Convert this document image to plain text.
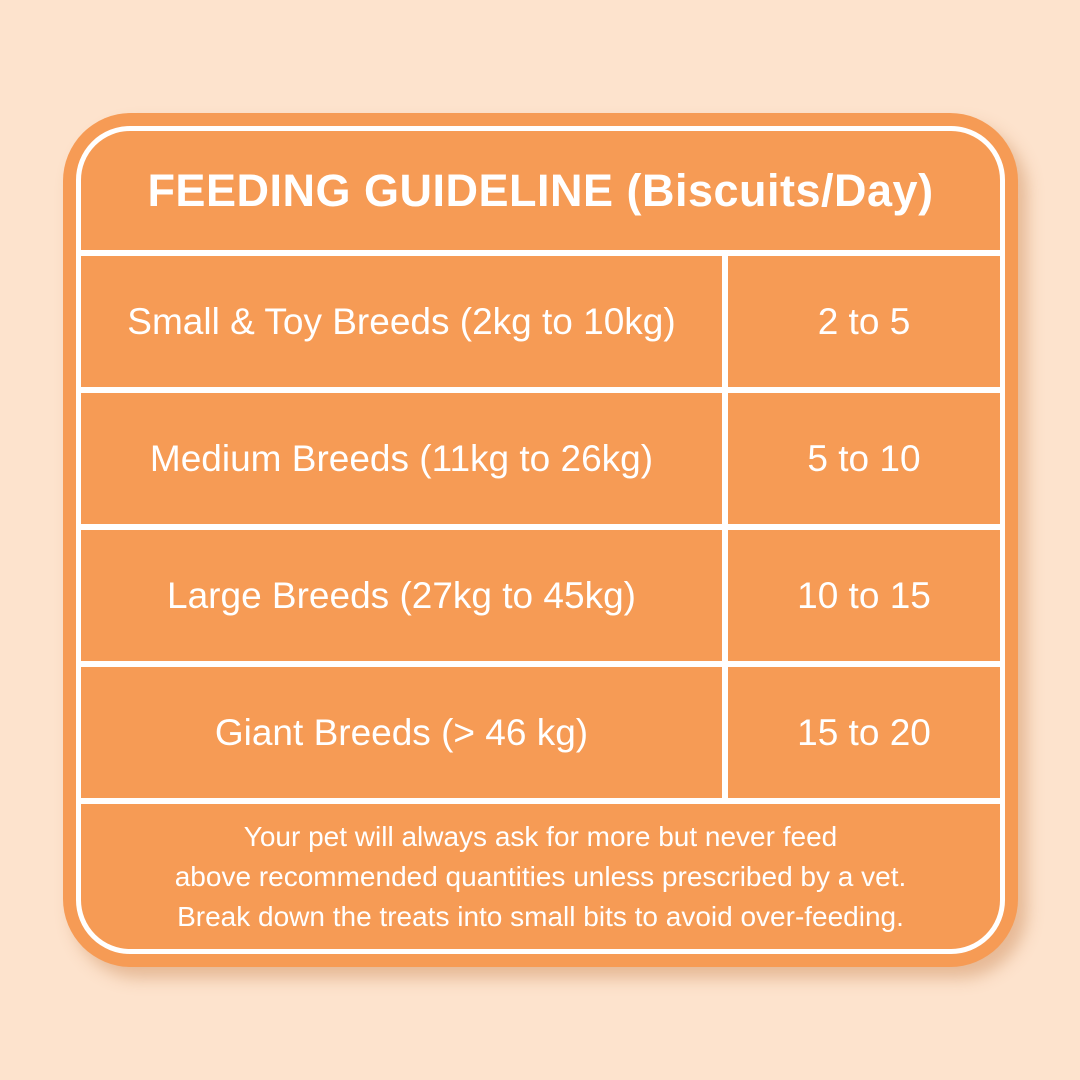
FEEDING GUIDELINE (Biscuits/Day)
Small & Toy Breeds (2kg to 10kg)	2 to 5
Medium Breeds (11kg to 26kg)	5 to 10
Large Breeds (27kg to 45kg)	10 to 15
Giant Breeds (> 46 kg)	15 to 20
Your pet will always ask for more but never feed
above recommended quantities unless prescribed by a vet.
Break down the treats into small bits to avoid over-feeding.
